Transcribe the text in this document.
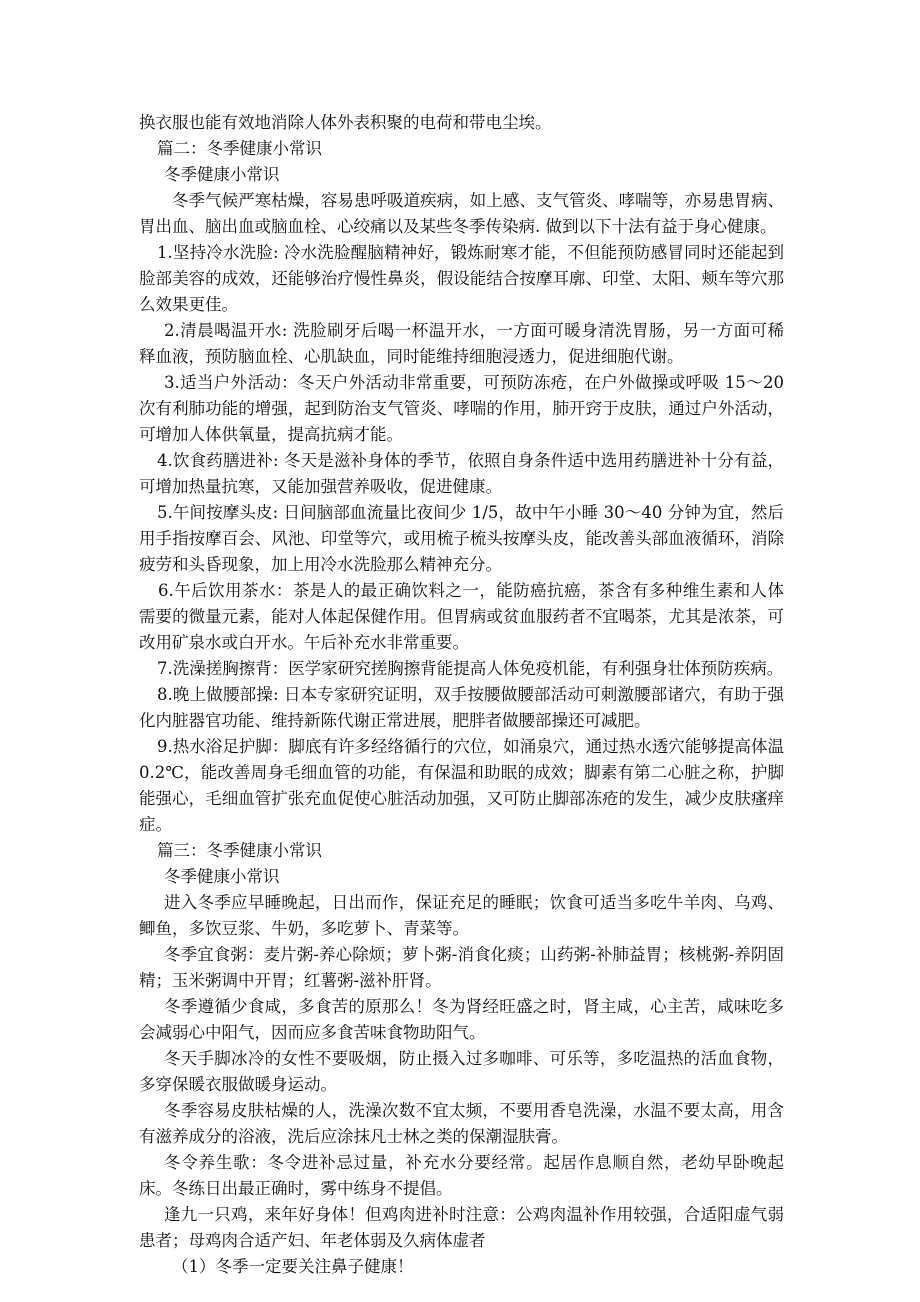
换衣服也能有效地消除人体外表积聚的电荷和带电尘埃。

篇二：冬季健康小常识

冬季健康小常识

冬季气候严寒枯燥，容易患呼吸道疾病，如上感、支气管炎、哮喘等，亦易患胃病、胃出血、脑出血或脑血栓、心绞痛以及某些冬季传染病. 做到以下十法有益于身心健康。

1.坚持冷水洗脸: 冷水洗脸醒脑精神好，锻炼耐寒才能，不但能预防感冒同时还能起到脸部美容的成效，还能够治疗慢性鼻炎，假设能结合按摩耳廓、印堂、太阳、颊车等穴那么效果更佳。

2.清晨喝温开水: 洗脸刷牙后喝一杯温开水，一方面可暖身清洗胃肠，另一方面可稀释血液，预防脑血栓、心肌缺血，同时能维持细胞浸透力，促进细胞代谢。

3.适当户外活动：冬天户外活动非常重要，可预防冻疮，在户外做操或呼吸 15～20 次有利肺功能的增强，起到防治支气管炎、哮喘的作用，肺开窍于皮肤，通过户外活动，可增加人体供氧量，提高抗病才能。

4.饮食药膳进补: 冬天是滋补身体的季节，依照自身条件适中选用药膳进补十分有益，可增加热量抗寒，又能加强营养吸收，促进健康。

5.午间按摩头皮: 日间脑部血流量比夜间少 1/5，故中午小睡 30～40 分钟为宜，然后用手指按摩百会、风池、印堂等穴，或用梳子梳头按摩头皮，能改善头部血液循环，消除疲劳和头昏现象，加上用冷水洗脸那么精神充分。

6.午后饮用茶水：茶是人的最正确饮料之一，能防癌抗癌，茶含有多种维生素和人体需要的微量元素，能对人体起保健作用。但胃病或贫血服药者不宜喝茶，尤其是浓茶，可改用矿泉水或白开水。午后补充水非常重要。

7.洗澡搓胸擦背：医学家研究搓胸擦背能提高人体免疫机能，有利强身壮体预防疾病。

8.晚上做腰部操: 日本专家研究证明，双手按腰做腰部活动可刺激腰部诸穴，有助于强化内脏器官功能、维持新陈代谢正常进展，肥胖者做腰部操还可减肥。

9.热水浴足护脚：脚底有许多经络循行的穴位，如涌泉穴，通过热水透穴能够提高体温0.2℃，能改善周身毛细血管的功能，有保温和助眠的成效；脚素有第二心脏之称，护脚能强心，毛细血管扩张充血促使心脏活动加强，又可防止脚部冻疮的发生，减少皮肤瘙痒症。

篇三：冬季健康小常识

冬季健康小常识

进入冬季应早睡晚起，日出而作，保证充足的睡眠；饮食可适当多吃牛羊肉、乌鸡、鲫鱼，多饮豆浆、牛奶，多吃萝卜、青菜等。

冬季宜食粥：麦片粥-养心除烦；萝卜粥-消食化痰；山药粥-补肺益胃；核桃粥-养阴固精；玉米粥调中开胃；红薯粥-滋补肝肾。

冬季遵循少食咸，多食苦的原那么！冬为肾经旺盛之时，肾主咸，心主苦，咸味吃多会减弱心中阳气，因而应多食苦味食物助阳气。

冬天手脚冰冷的女性不要吸烟，防止摄入过多咖啡、可乐等，多吃温热的活血食物，多穿保暖衣服做暖身运动。

冬季容易皮肤枯燥的人，洗澡次数不宜太频，不要用香皂洗澡，水温不要太高，用含有滋养成分的浴液，洗后应涂抹凡士林之类的保潮湿肤膏。

冬令养生歌：冬令进补忌过量，补充水分要经常。起居作息顺自然，老幼早卧晚起床。冬练日出最正确时，雾中练身不提倡。

逢九一只鸡，来年好身体！但鸡肉进补时注意：公鸡肉温补作用较强，合适阳虚气弱患者；母鸡肉合适产妇、年老体弱及久病体虚者

（1）冬季一定要关注鼻子健康！
